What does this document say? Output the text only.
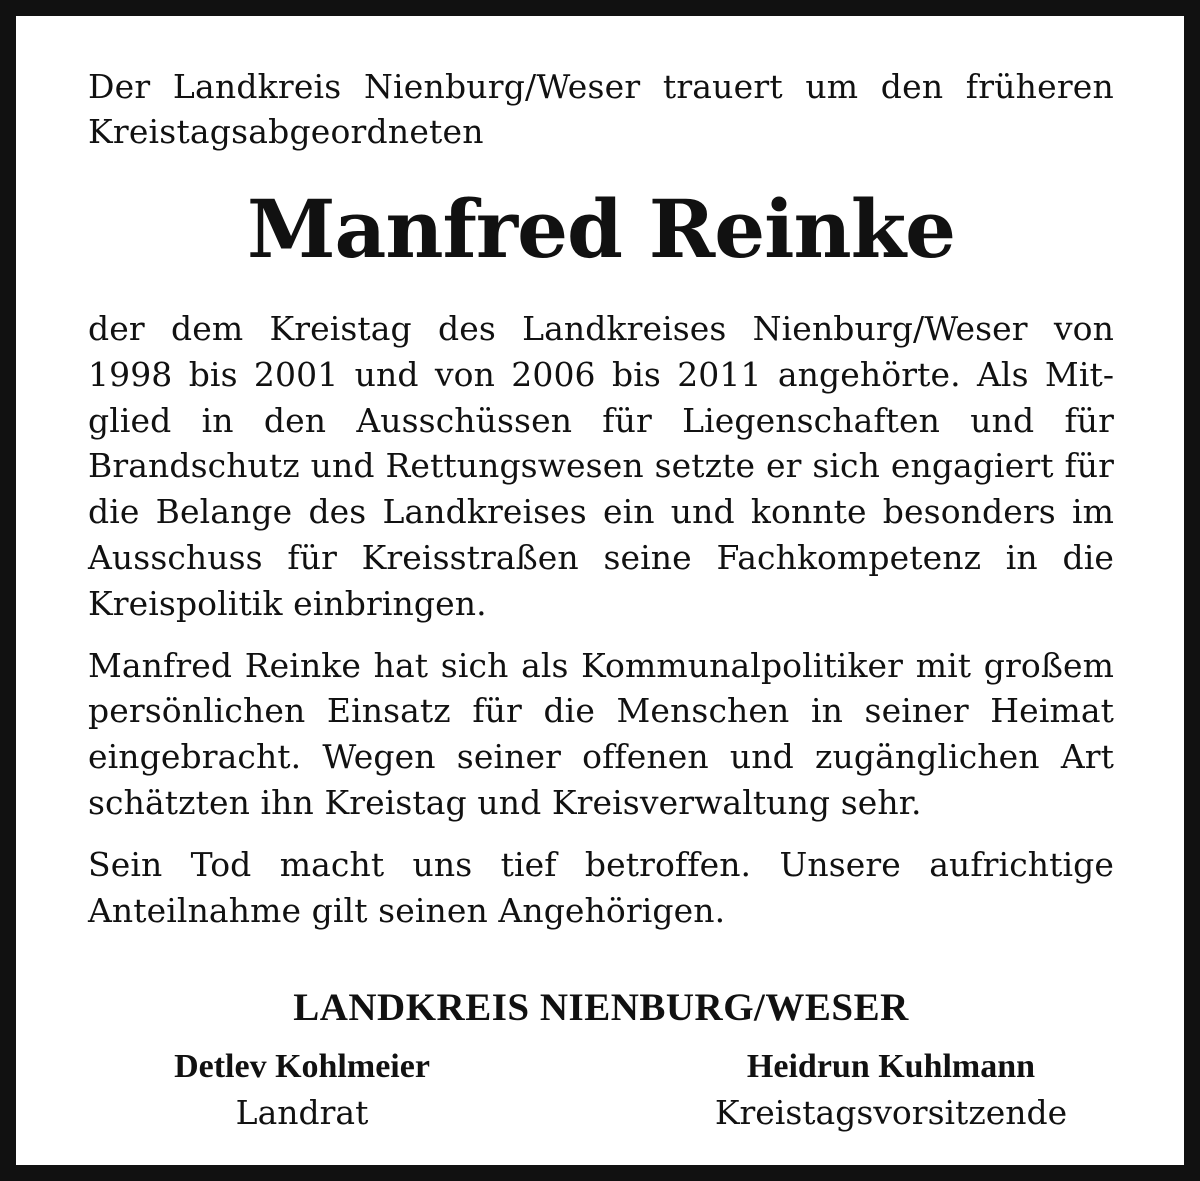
Der Landkreis Nienburg/Weser trauert um den früheren Kreistagsabgeordneten

Manfred Reinke

der dem Kreistag des Landkreises Nienburg/Weser von 1998 bis 2001 und von 2006 bis 2011 angehörte. Als Mitglied in den Ausschüssen für Liegenschaften und für Brandschutz und Rettungswesen setzte er sich engagiert für die Belange des Landkreises ein und konnte besonders im Ausschuss für Kreisstraßen seine Fachkompetenz in die Kreispolitik einbringen.

Manfred Reinke hat sich als Kommunalpolitiker mit großem persönlichen Einsatz für die Menschen in seiner Heimat eingebracht. Wegen seiner offenen und zugänglichen Art schätzten ihn Kreistag und Kreisverwaltung sehr.

Sein Tod macht uns tief betroffen. Unsere aufrichtige Anteilnahme gilt seinen Angehörigen.

LANDKREIS NIENBURG/WESER
Detlev Kohlmeier
Landrat
Heidrun Kuhlmann
Kreistagsvorsitzende
